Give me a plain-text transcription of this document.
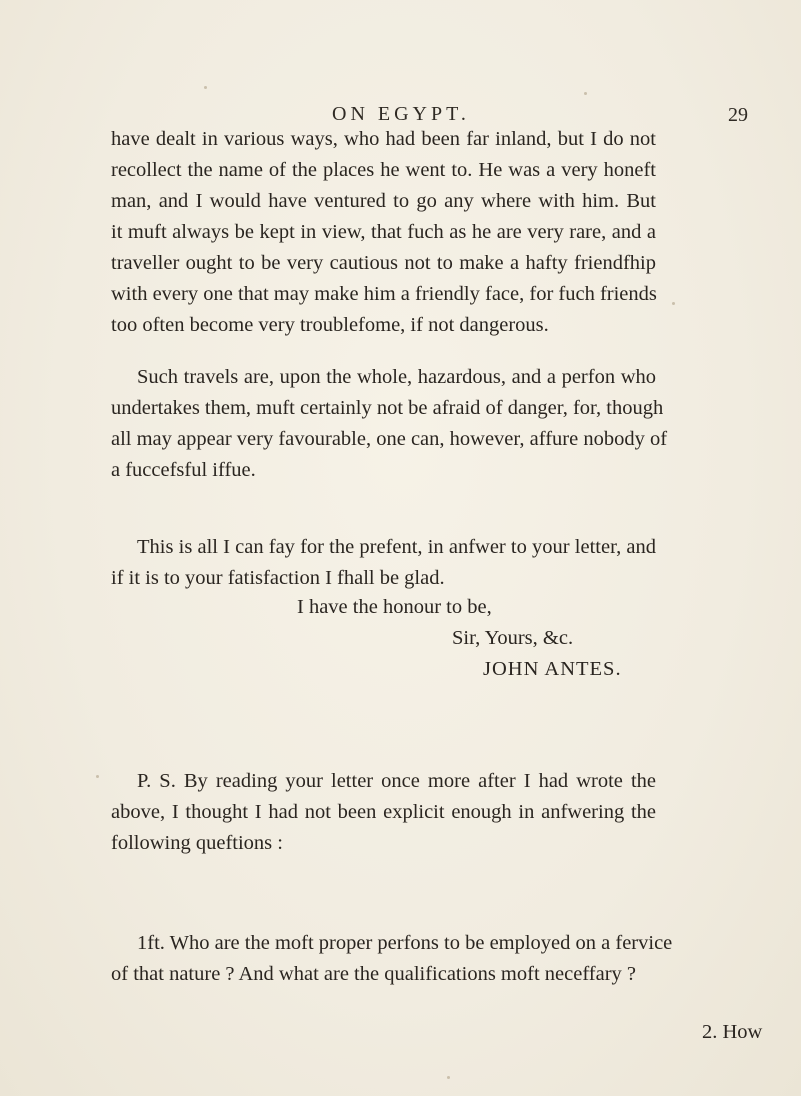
ON EGYPT.	29
have dealt in various ways, who had been far inland, but I do not
recollect the name of the places he went to. He was a very honeft
man, and I would have ventured to go any where with him. But
it muft always be kept in view, that fuch as he are very rare, and a
traveller ought to be very cautious not to make a hafty friendfhip
with every one that may make him a friendly face, for fuch friends
too often become very troublefome, if not dangerous.
Such travels are, upon the whole, hazardous, and a perfon who
undertakes them, muft certainly not be afraid of danger, for, though
all may appear very favourable, one can, however, affure nobody of
a fuccefsful iffue.
This is all I can fay for the prefent, in anfwer to your letter, and
if it is to your fatisfaction I fhall be glad.
I have the honour to be,
Sir, Yours, &c.
JOHN ANTES.
P. S. By reading your letter once more after I had wrote the
above, I thought I had not been explicit enough in anfwering the
following queftions :
1ft. Who are the moft proper perfons to be employed on a fervice
of that nature ? And what are the qualifications moft neceffary ?
2. How
